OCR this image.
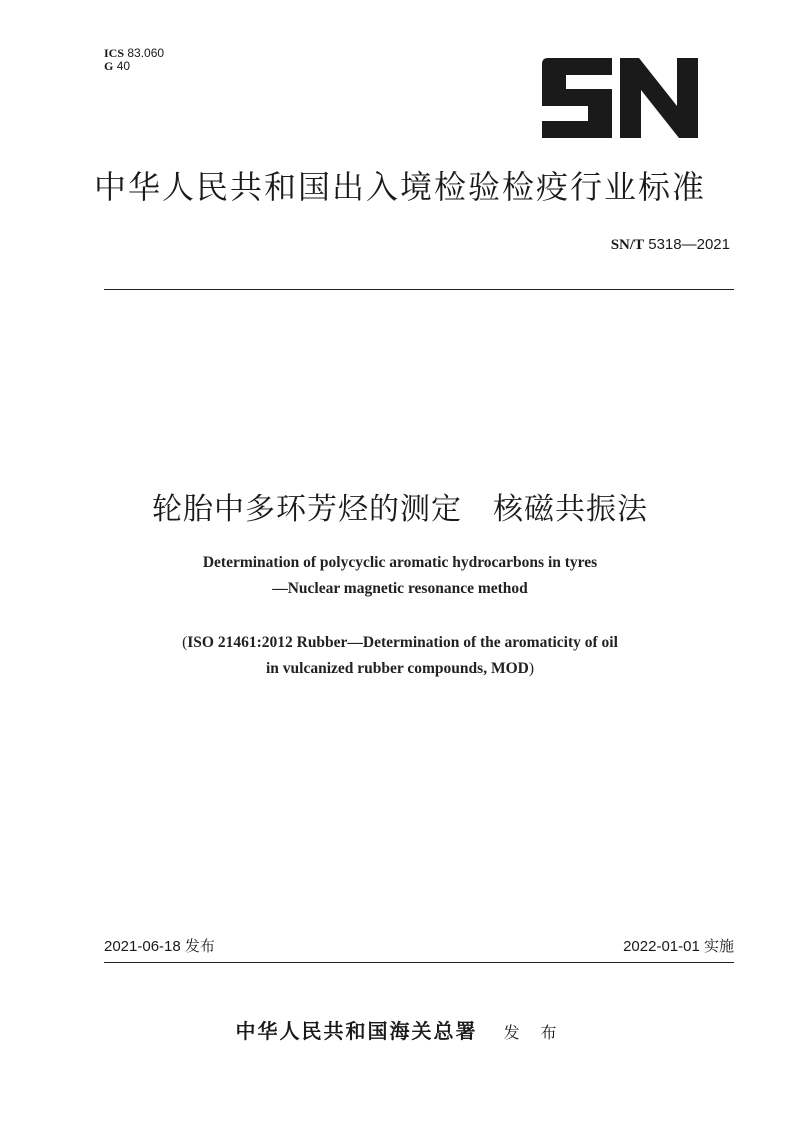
ICS 83.060
G 40
中华人民共和国出入境检验检疫行业标准
SN/T 5318—2021
轮胎中多环芳烃的测定　核磁共振法
Determination of polycyclic aromatic hydrocarbons in tyres
—Nuclear magnetic resonance method
(ISO 21461:2012 Rubber—Determination of the aromaticity of oil
in vulcanized rubber compounds, MOD)
2021-06-18 发布	2022-01-01 实施
中华人民共和国海关总署 发 布
